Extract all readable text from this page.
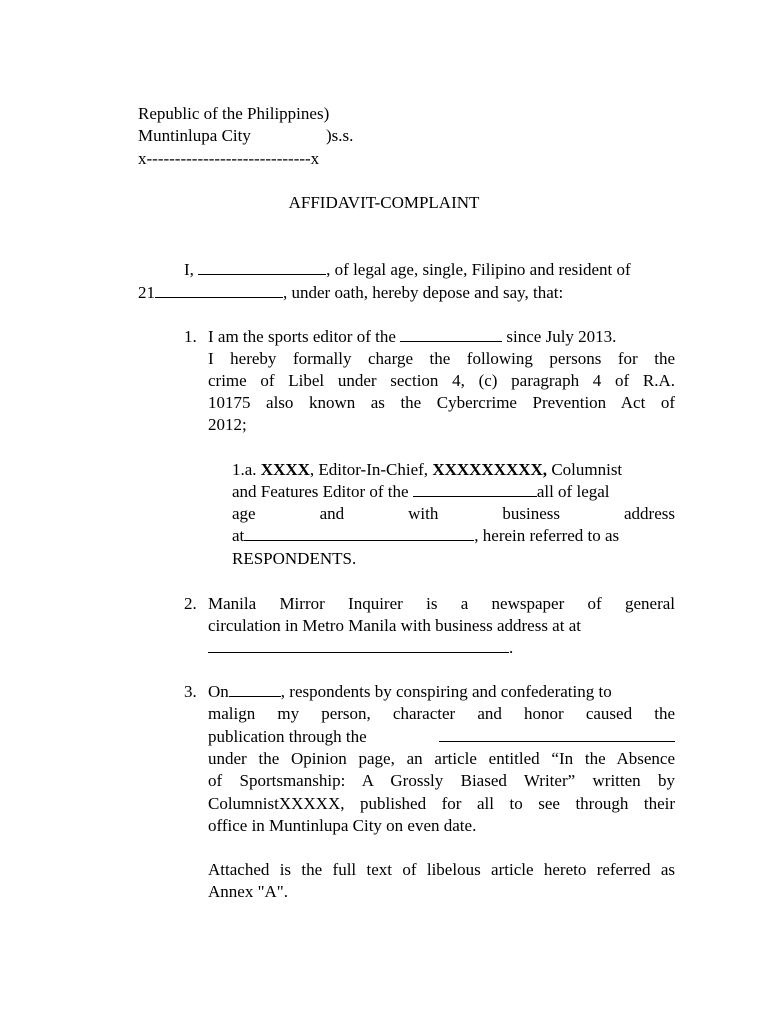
Republic of the Philippines)
Muntinlupa City	)s.s.
x-----------------------------x
AFFIDAVIT-COMPLAINT
I,	, of legal age, single, Filipino and resident of
21	, under oath, hereby depose and say, that:
1. I am the sports editor of the	since July 2013.
I hereby formally charge the following persons for the
crime of Libel under section 4, (c) paragraph 4 of R.A.
10175 also known as the Cybercrime Prevention Act of
2012;
1.a. XXXX, Editor-In-Chief, XXXXXXXXX, Columnist
and Features Editor of the	all of legal
age and with business address
at	, herein referred to as
RESPONDENTS.
2. Manila Mirror Inquirer is a newspaper of general
circulation in Metro Manila with business address at at
.
3. On	, respondents by conspiring and confederating to
malign my person, character and honor caused the
publication through the
under the Opinion page, an article entitled “In the Absence
of Sportsmanship: A Grossly Biased Writer” written by
ColumnistXXXXX, published for all to see through their
office in Muntinlupa City on even date.
Attached is the full text of libelous article hereto referred as
Annex "A".
